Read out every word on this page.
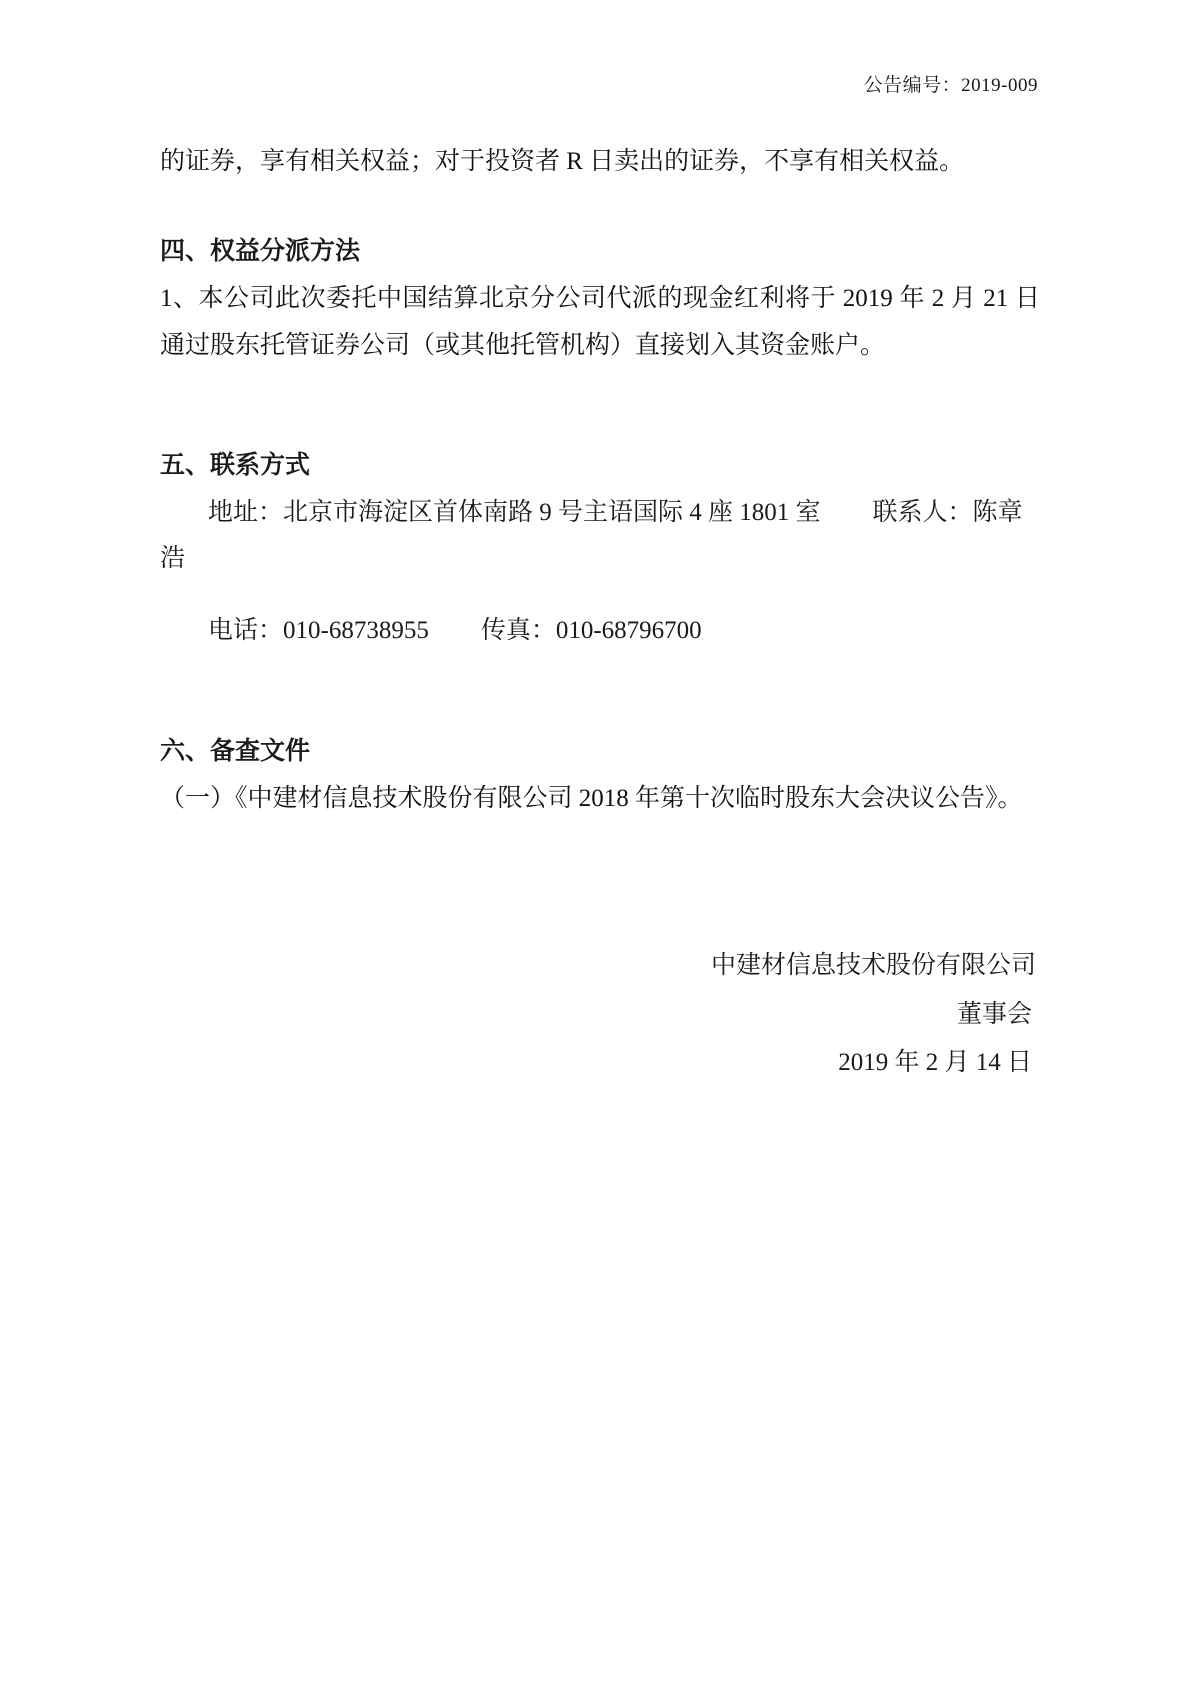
公告编号：2019-009
的证券，享有相关权益；对于投资者 R 日卖出的证券，不享有相关权益。
四、权益分派方法
1、本公司此次委托中国结算北京分公司代派的现金红利将于 2019 年 2 月 21 日通过股东托管证券公司（或其他托管机构）直接划入其资金账户。
五、联系方式
地址：北京市海淀区首体南路 9 号主语国际 4 座 1801 室 联系人：陈章浩
电话：010-68738955 传真：010-68796700
六、备查文件
（一）《中建材信息技术股份有限公司 2018 年第十次临时股东大会决议公告》。
中建材信息技术股份有限公司
董事会
2019 年 2 月 14 日
